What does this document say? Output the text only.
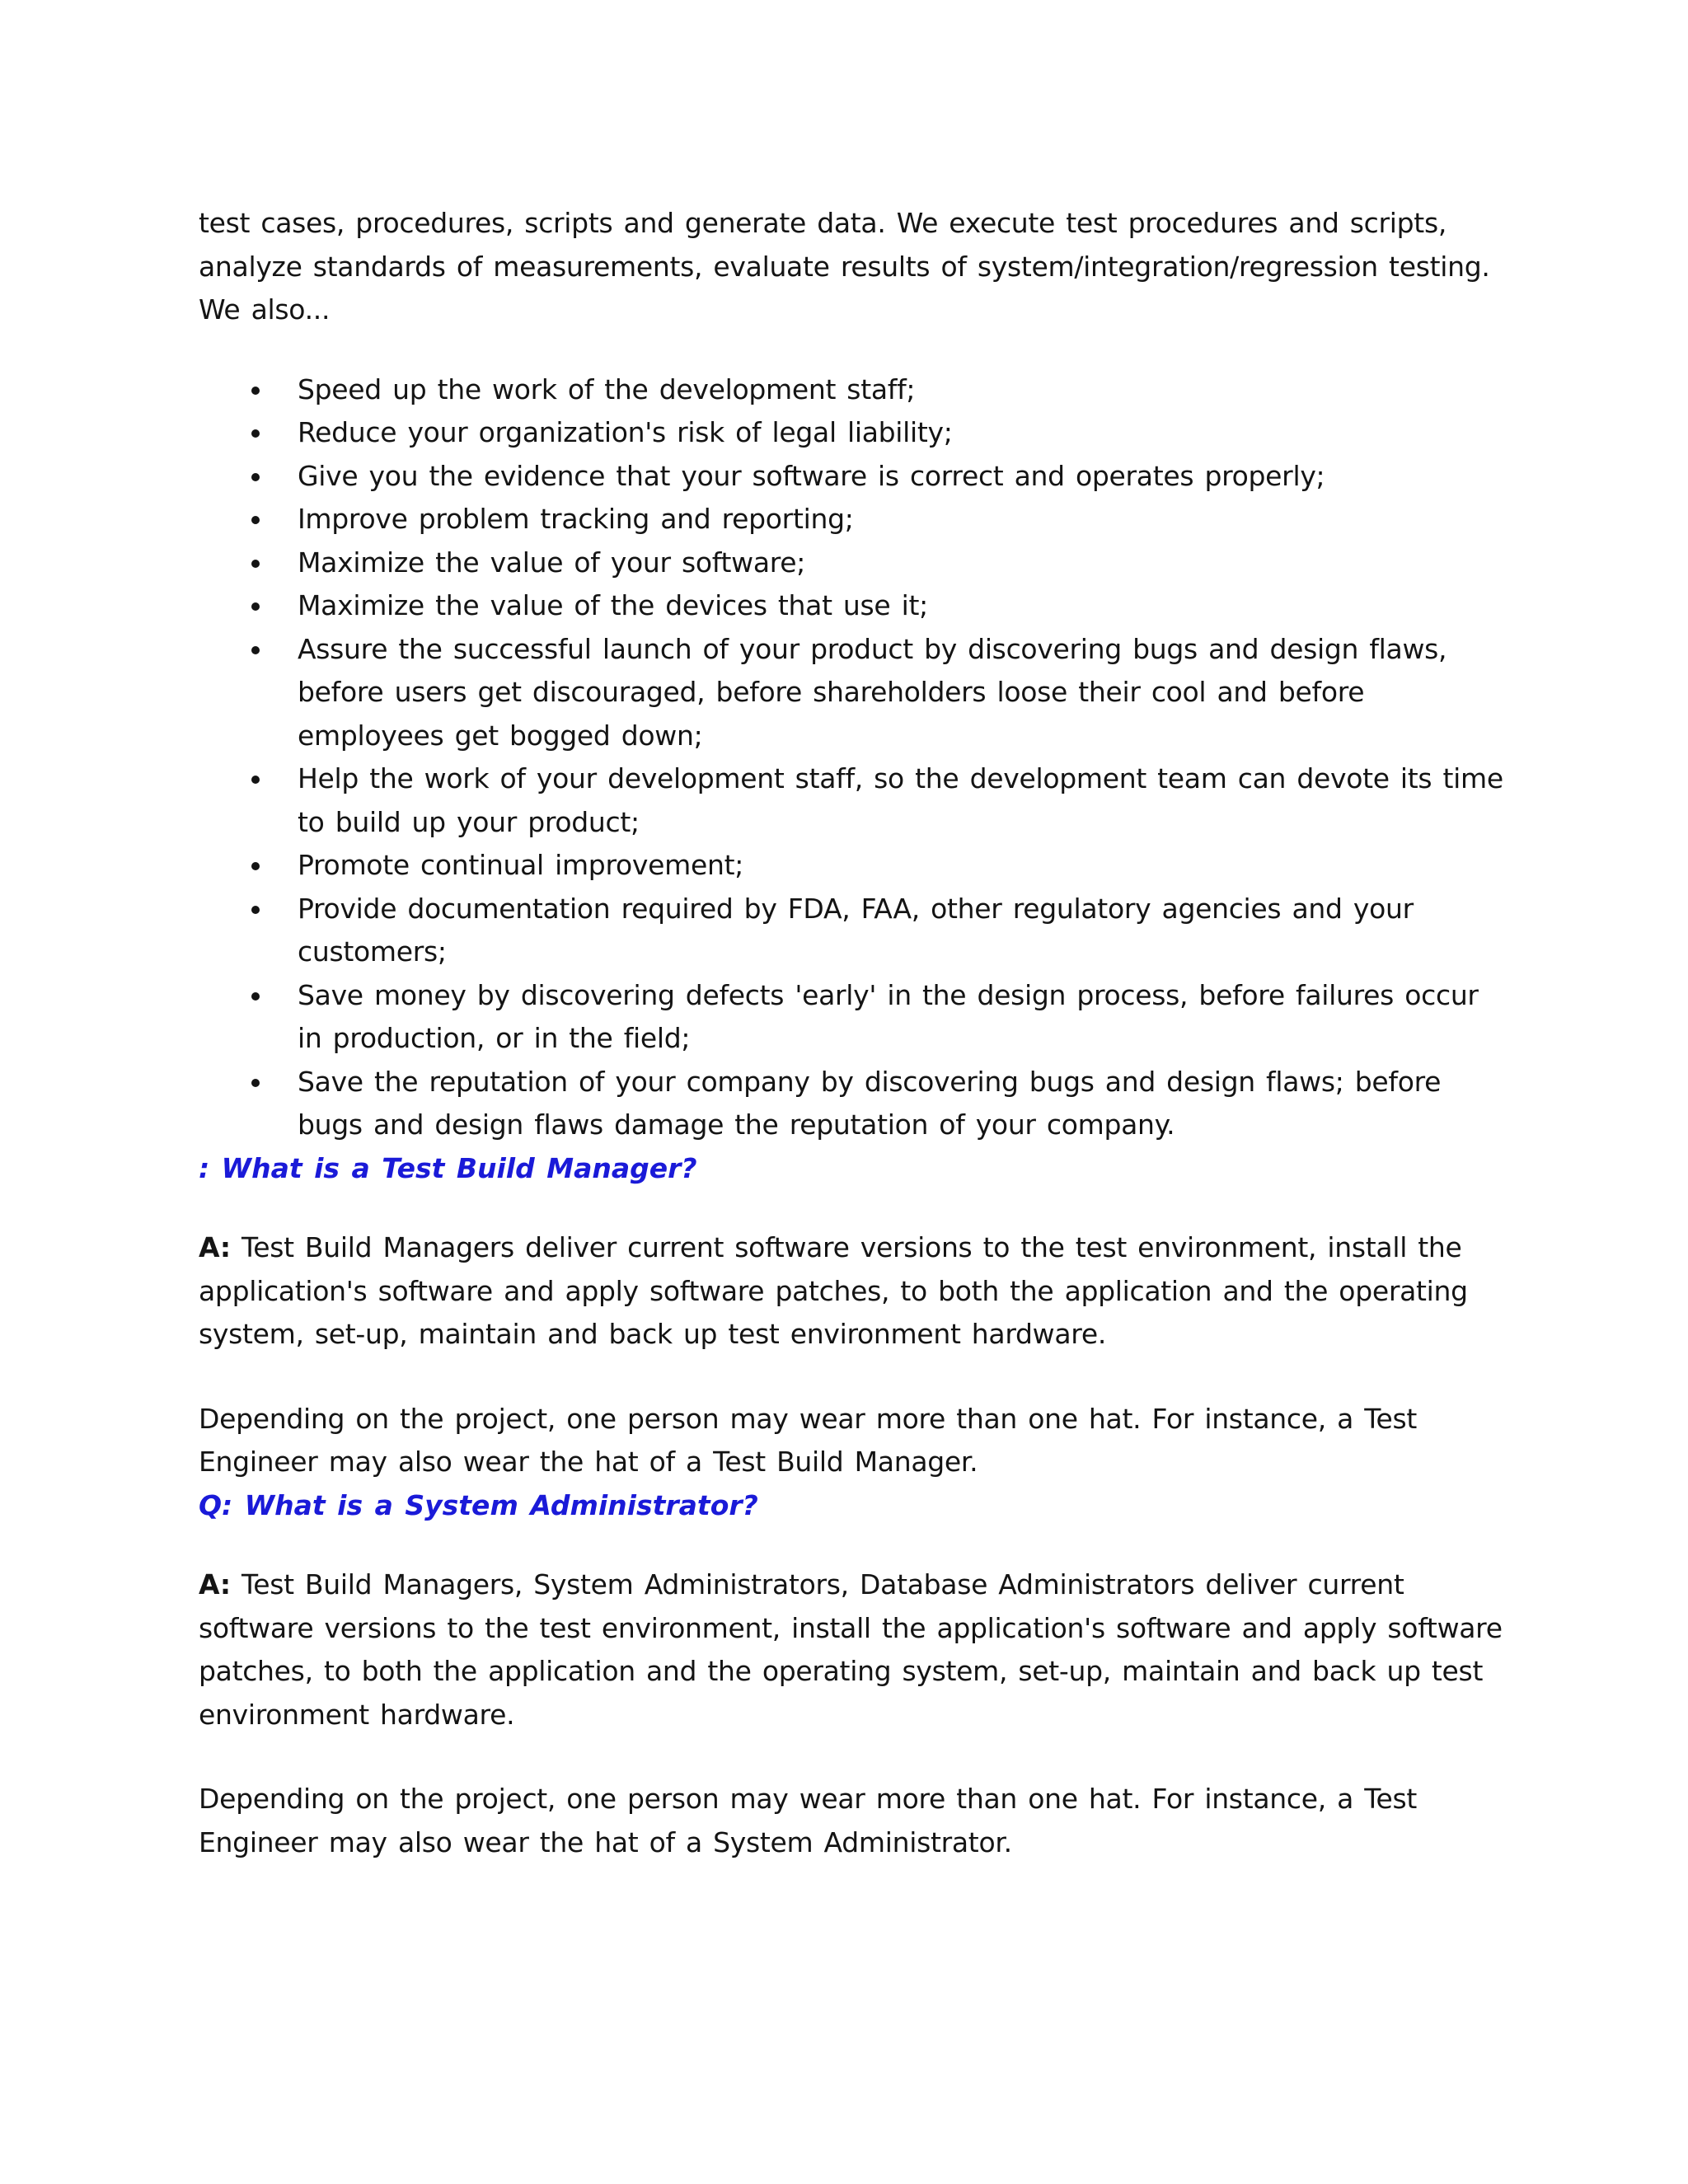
test cases, procedures, scripts and generate data. We execute test procedures and scripts, analyze standards of measurements, evaluate results of system/integration/regression testing. We also...

Speed up the work of the development staff;
Reduce your organization's risk of legal liability;
Give you the evidence that your software is correct and operates properly;
Improve problem tracking and reporting;
Maximize the value of your software;
Maximize the value of the devices that use it;
Assure the successful launch of your product by discovering bugs and design flaws, before users get discouraged, before shareholders loose their cool and before employees get bogged down;
Help the work of your development staff, so the development team can devote its time to build up your product;
Promote continual improvement;
Provide documentation required by FDA, FAA, other regulatory agencies and your customers;
Save money by discovering defects 'early' in the design process, before failures occur in production, or in the field;
Save the reputation of your company by discovering bugs and design flaws; before bugs and design flaws damage the reputation of your company.

: What is a Test Build Manager?

A: Test Build Managers deliver current software versions to the test environment, install the application's software and apply software patches, to both the application and the operating system, set-up, maintain and back up test environment hardware.

Depending on the project, one person may wear more than one hat. For instance, a Test Engineer may also wear the hat of a Test Build Manager.

Q: What is a System Administrator?

A: Test Build Managers, System Administrators, Database Administrators deliver current software versions to the test environment, install the application's software and apply software patches, to both the application and the operating system, set-up, maintain and back up test environment hardware.

Depending on the project, one person may wear more than one hat. For instance, a Test Engineer may also wear the hat of a System Administrator.
